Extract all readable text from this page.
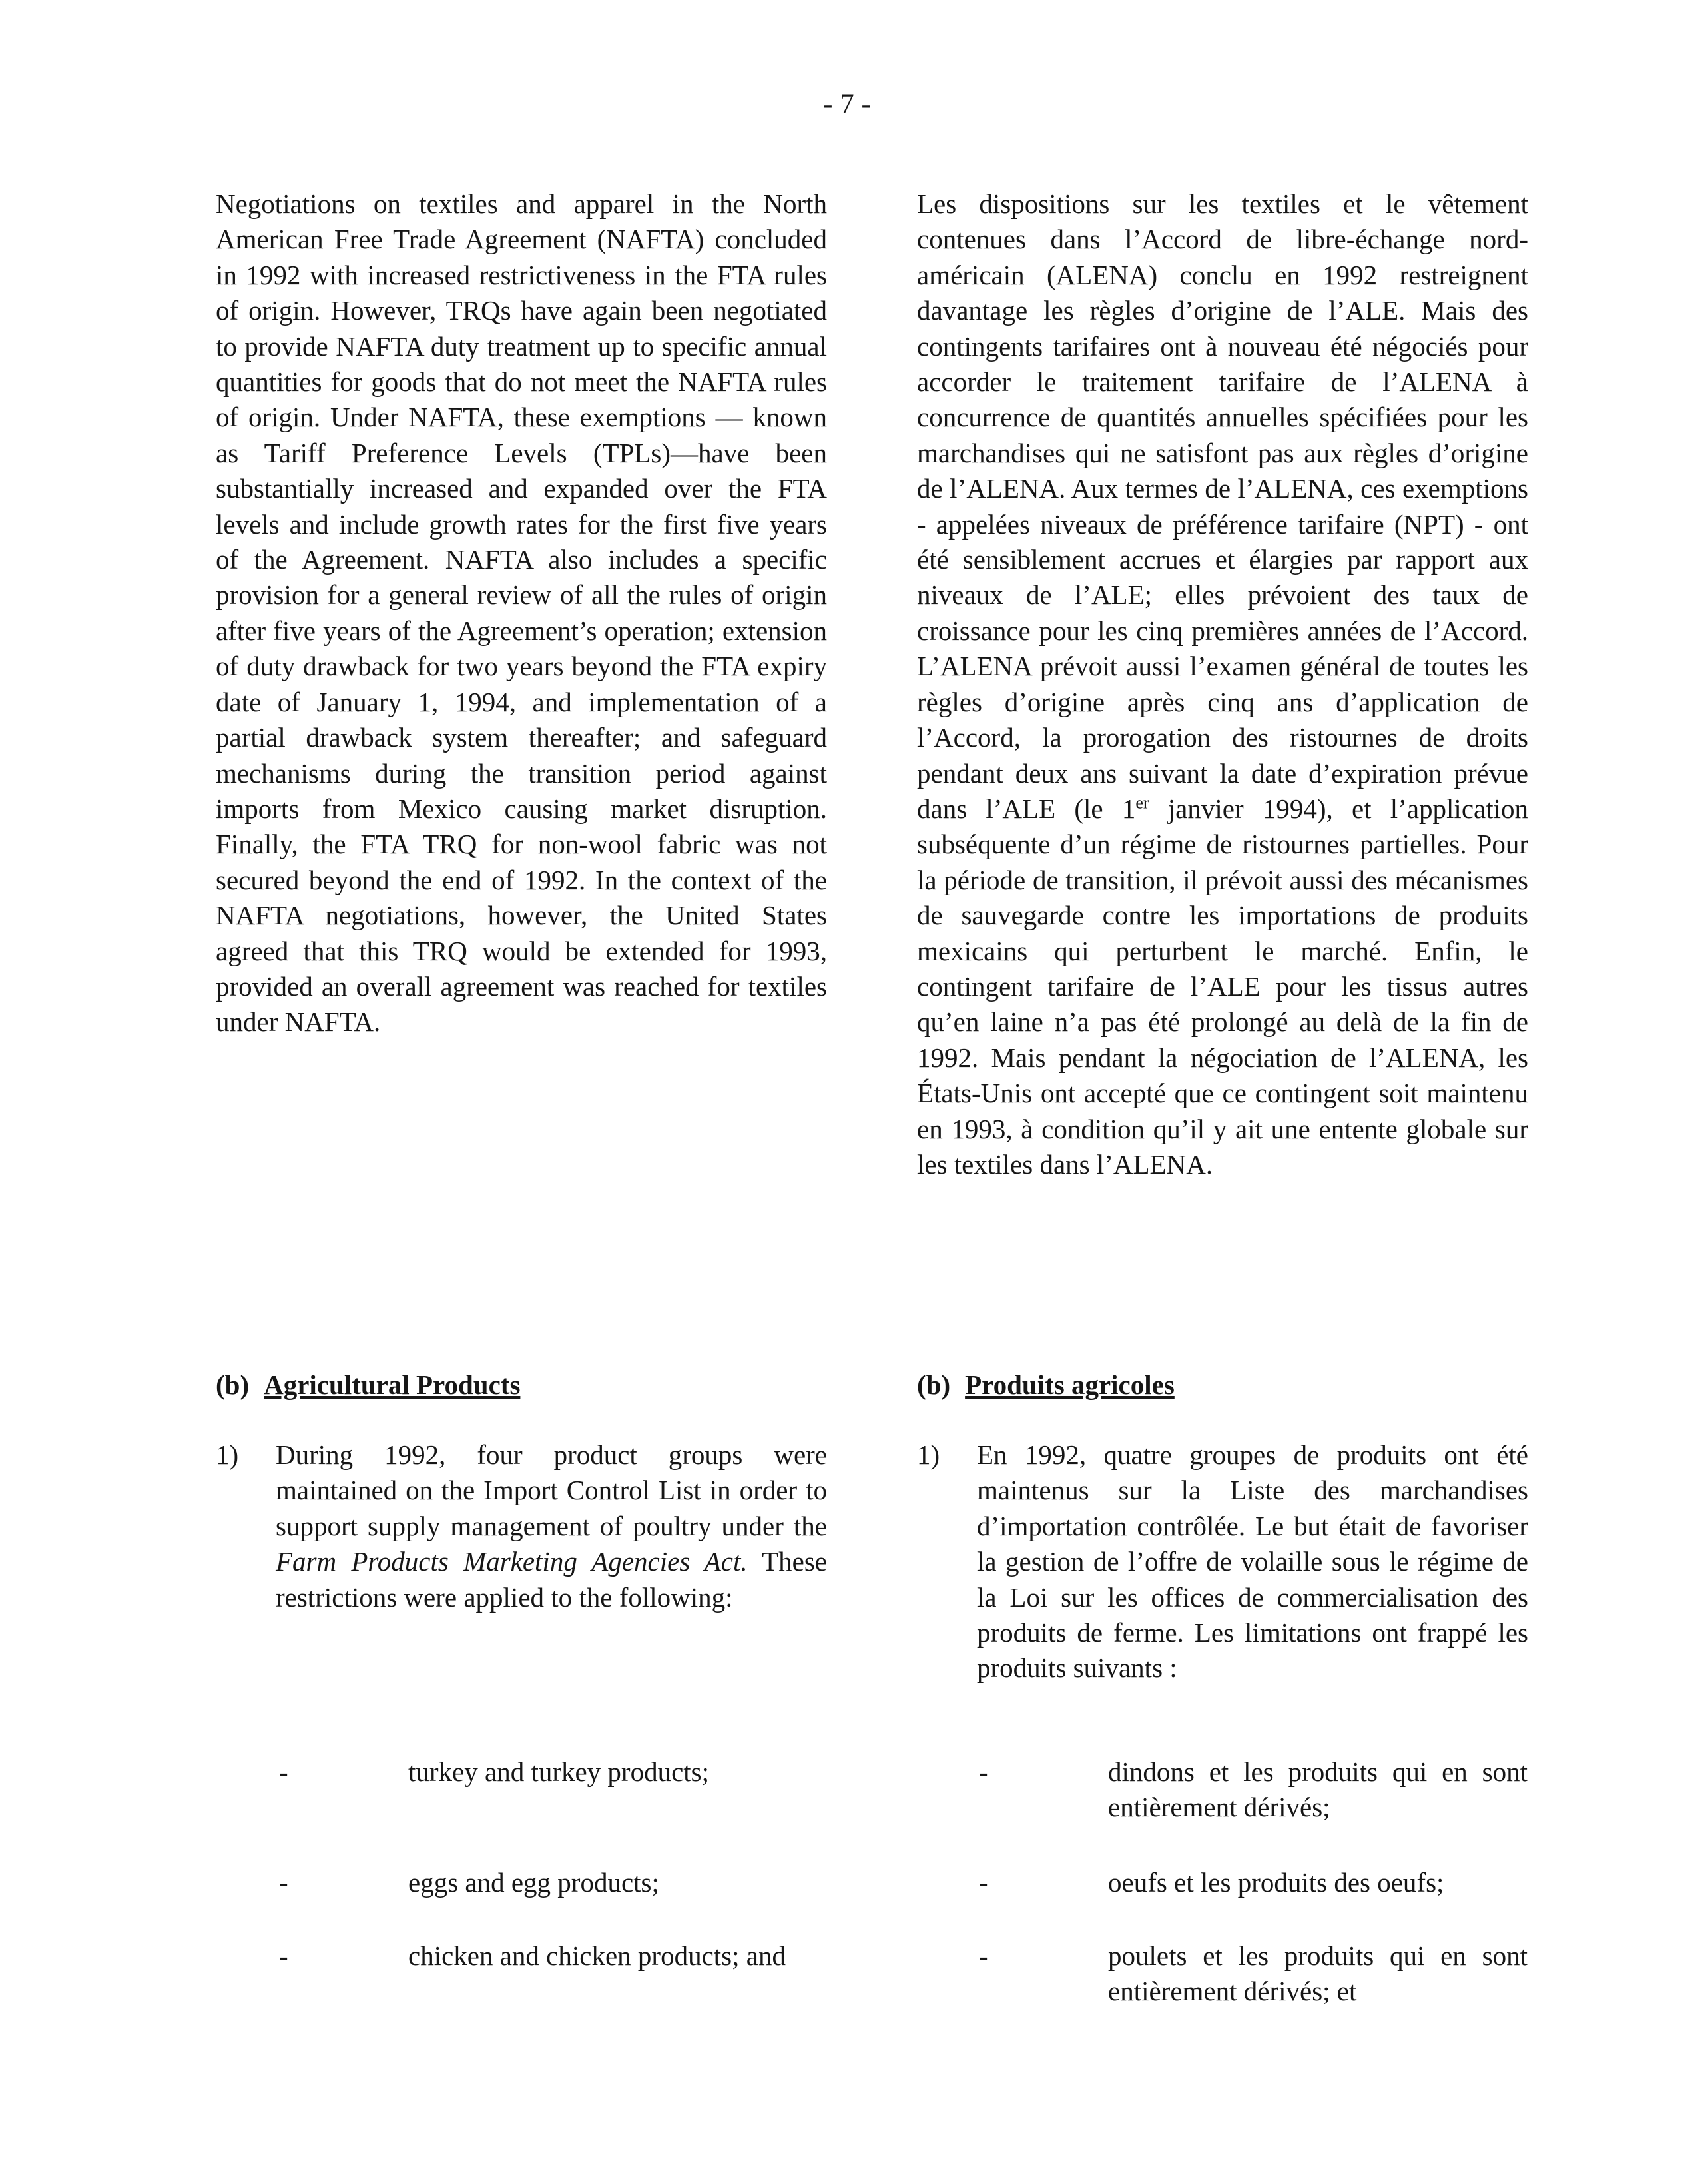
- 7 -

Negotiations on textiles and apparel in the North American Free Trade Agreement (NAFTA) concluded in 1992 with increased restrictiveness in the FTA rules of origin. However, TRQs have again been negotiated to provide NAFTA duty treatment up to specific annual quantities for goods that do not meet the NAFTA rules of origin. Under NAFTA, these exemptions — known as Tariff Preference Levels (TPLs)—have been substantially increased and expanded over the FTA levels and include growth rates for the first five years of the Agreement. NAFTA also includes a specific provision for a general review of all the rules of origin after five years of the Agreement’s operation; extension of duty drawback for two years beyond the FTA expiry date of January 1, 1994, and implementation of a partial drawback system thereafter; and safeguard mechanisms during the transition period against imports from Mexico causing market disruption. Finally, the FTA TRQ for non-wool fabric was not secured beyond the end of 1992. In the context of the NAFTA negotiations, however, the United States agreed that this TRQ would be extended for 1993, provided an overall agreement was reached for textiles under NAFTA.

(b) Agricultural Products

1) During 1992, four product groups were maintained on the Import Control List in order to support supply management of poultry under the Farm Products Marketing Agencies Act. These restrictions were applied to the following:
-	turkey and turkey products;
-	eggs and egg products;
-	chicken and chicken products; and

Les dispositions sur les textiles et le vêtement contenues dans l’Accord de libre-échange nord-américain (ALENA) conclu en 1992 restreignent davantage les règles d’origine de l’ALE. Mais des contingents tarifaires ont à nouveau été négociés pour accorder le traitement tarifaire de l’ALENA à concurrence de quantités annuelles spécifiées pour les marchandises qui ne satisfont pas aux règles d’origine de l’ALENA. Aux termes de l’ALENA, ces exemptions - appelées niveaux de préférence tarifaire (NPT) - ont été sensiblement accrues et élargies par rapport aux niveaux de l’ALE; elles prévoient des taux de croissance pour les cinq premières années de l’Accord. L’ALENA prévoit aussi l’examen général de toutes les règles d’origine après cinq ans d’application de l’Accord, la prorogation des ristournes de droits pendant deux ans suivant la date d’expiration prévue dans l’ALE (le 1er janvier 1994), et l’application subséquente d’un régime de ristournes partielles. Pour la période de transition, il prévoit aussi des mécanismes de sauvegarde contre les importations de produits mexicains qui perturbent le marché. Enfin, le contingent tarifaire de l’ALE pour les tissus autres qu’en laine n’a pas été prolongé au delà de la fin de 1992. Mais pendant la négociation de l’ALENA, les États-Unis ont accepté que ce contingent soit maintenu en 1993, à condition qu’il y ait une entente globale sur les textiles dans l’ALENA.

(b) Produits agricoles

1) En 1992, quatre groupes de produits ont été maintenus sur la Liste des marchandises d’importation contrôlée. Le but était de favoriser la gestion de l’offre de volaille sous le régime de la Loi sur les offices de commercialisation des produits de ferme. Les limitations ont frappé les produits suivants :
-	dindons et les produits qui en sont entièrement dérivés;
-	oeufs et les produits des oeufs;
-	poulets et les produits qui en sont entièrement dérivés; et
